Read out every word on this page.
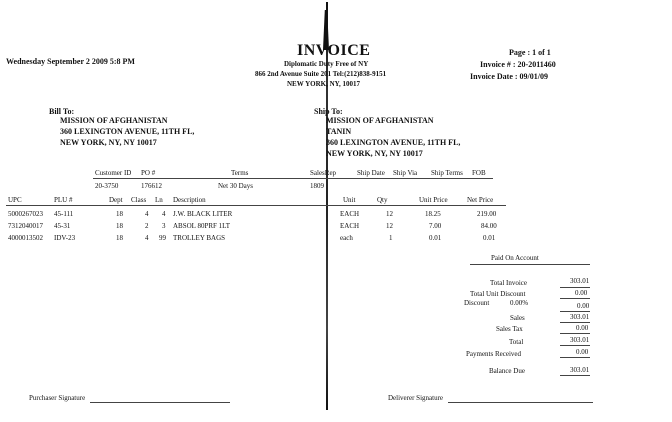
Wednesday September 2 2009 5:8 PM
INVOICE
Diplomatic Duty Free of NY
866 2nd Avenue Suite 201 Tel:(212)838-9151
NEW YORK, NY, 10017
Page : 1 of 1
Invoice # : 20-2011460
Invoice Date : 09/01/09
Bill To:
MISSION OF AFGHANISTAN
360 LEXINGTON AVENUE, 11TH FL,
NEW YORK, NY, NY 10017
Ship To:
MISSION OF AFGHANISTAN
TANIN
360 LEXINGTON AVENUE, 11TH FL,
NEW YORK, NY, NY 10017
Customer ID PO #	Terms	SalesRep	Ship Date Ship Via Ship Terms FOB
20-3750	176612	Net 30 Days	1809
UPC	PLU #	Dept Class Ln Description	Unit	Qty	Unit Price	Net Price
5000267023 45-111	18	4 4 J.W. BLACK LITER	EACH	12	18.25	219.00
7312040017 45-31	18	2 3 ABSOL 80PRF 1LT	EACH	12	7.00	84.00
4000013502 IDV-23	18	4 99 TROLLEY BAGS	each	1	0.01	0.01
Paid On Account
Total Invoice	303.01
Total Unit Discount	0.00
Discount	0.00%	0.00
Sales	303.01
Sales Tax	0.00
Total	303.01
Payments Received	0.00
Balance Due	303.01
Purchaser Signature	Deliverer Signature
